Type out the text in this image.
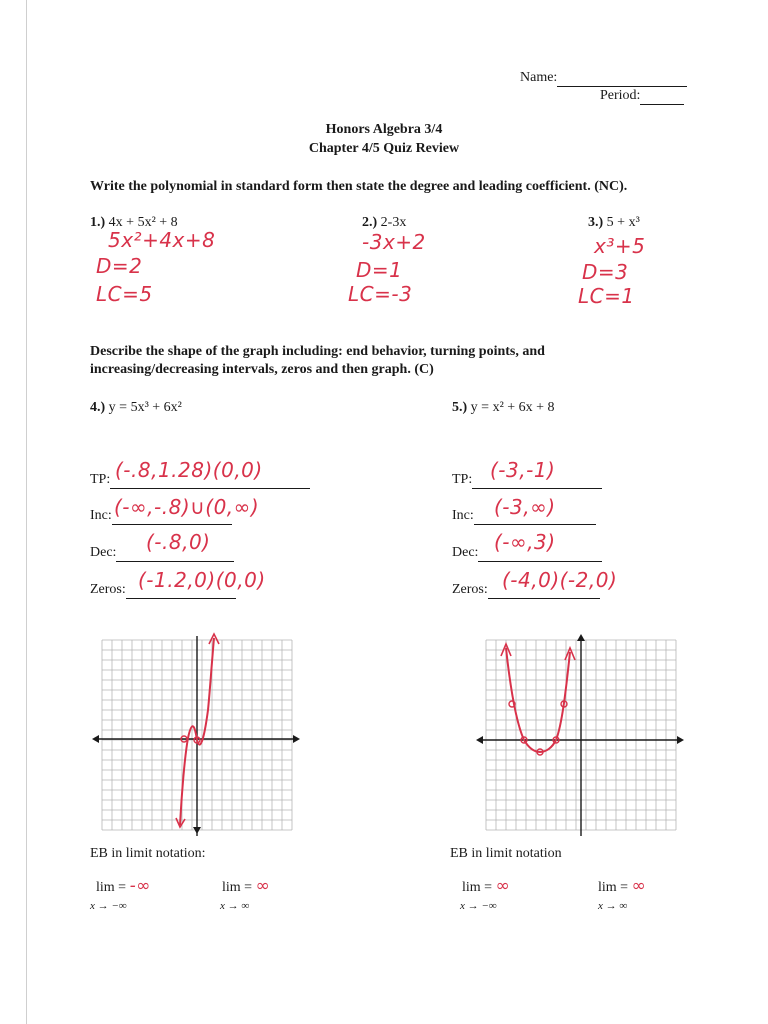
Name:
Period:
Honors Algebra 3/4
Chapter 4/5 Quiz Review
Write the polynomial in standard form then state the degree and leading coefficient. (NC).
1.) 4x + 5x² + 8
5x²+4x+8
D=2
LC=5
2.) 2-3x
-3x+2
D=1
LC=-3
3.) 5 + x³
x³+5
D=3
LC=1
Describe the shape of the graph including: end behavior, turning points, and increasing/decreasing intervals, zeros and then graph. (C)
4.) y = 5x³ + 6x²
TP: (-.8,1.28)(0,0)
Inc: (-∞,-.8)∪(0,∞)
Dec:	(-.8,0)
Zeros: (-1.2,0)(0,0)
5.) y = x² + 6x + 8
TP: (-3,-1)
Inc:	(-3,∞)
Dec: (-∞,3)
Zeros: (-4,0)(-2,0)
EB in limit notation:
lim = -∞
x → −∞
lim = ∞
x → ∞
EB in limit notation
lim = ∞
x → −∞
lim = ∞
x → ∞
